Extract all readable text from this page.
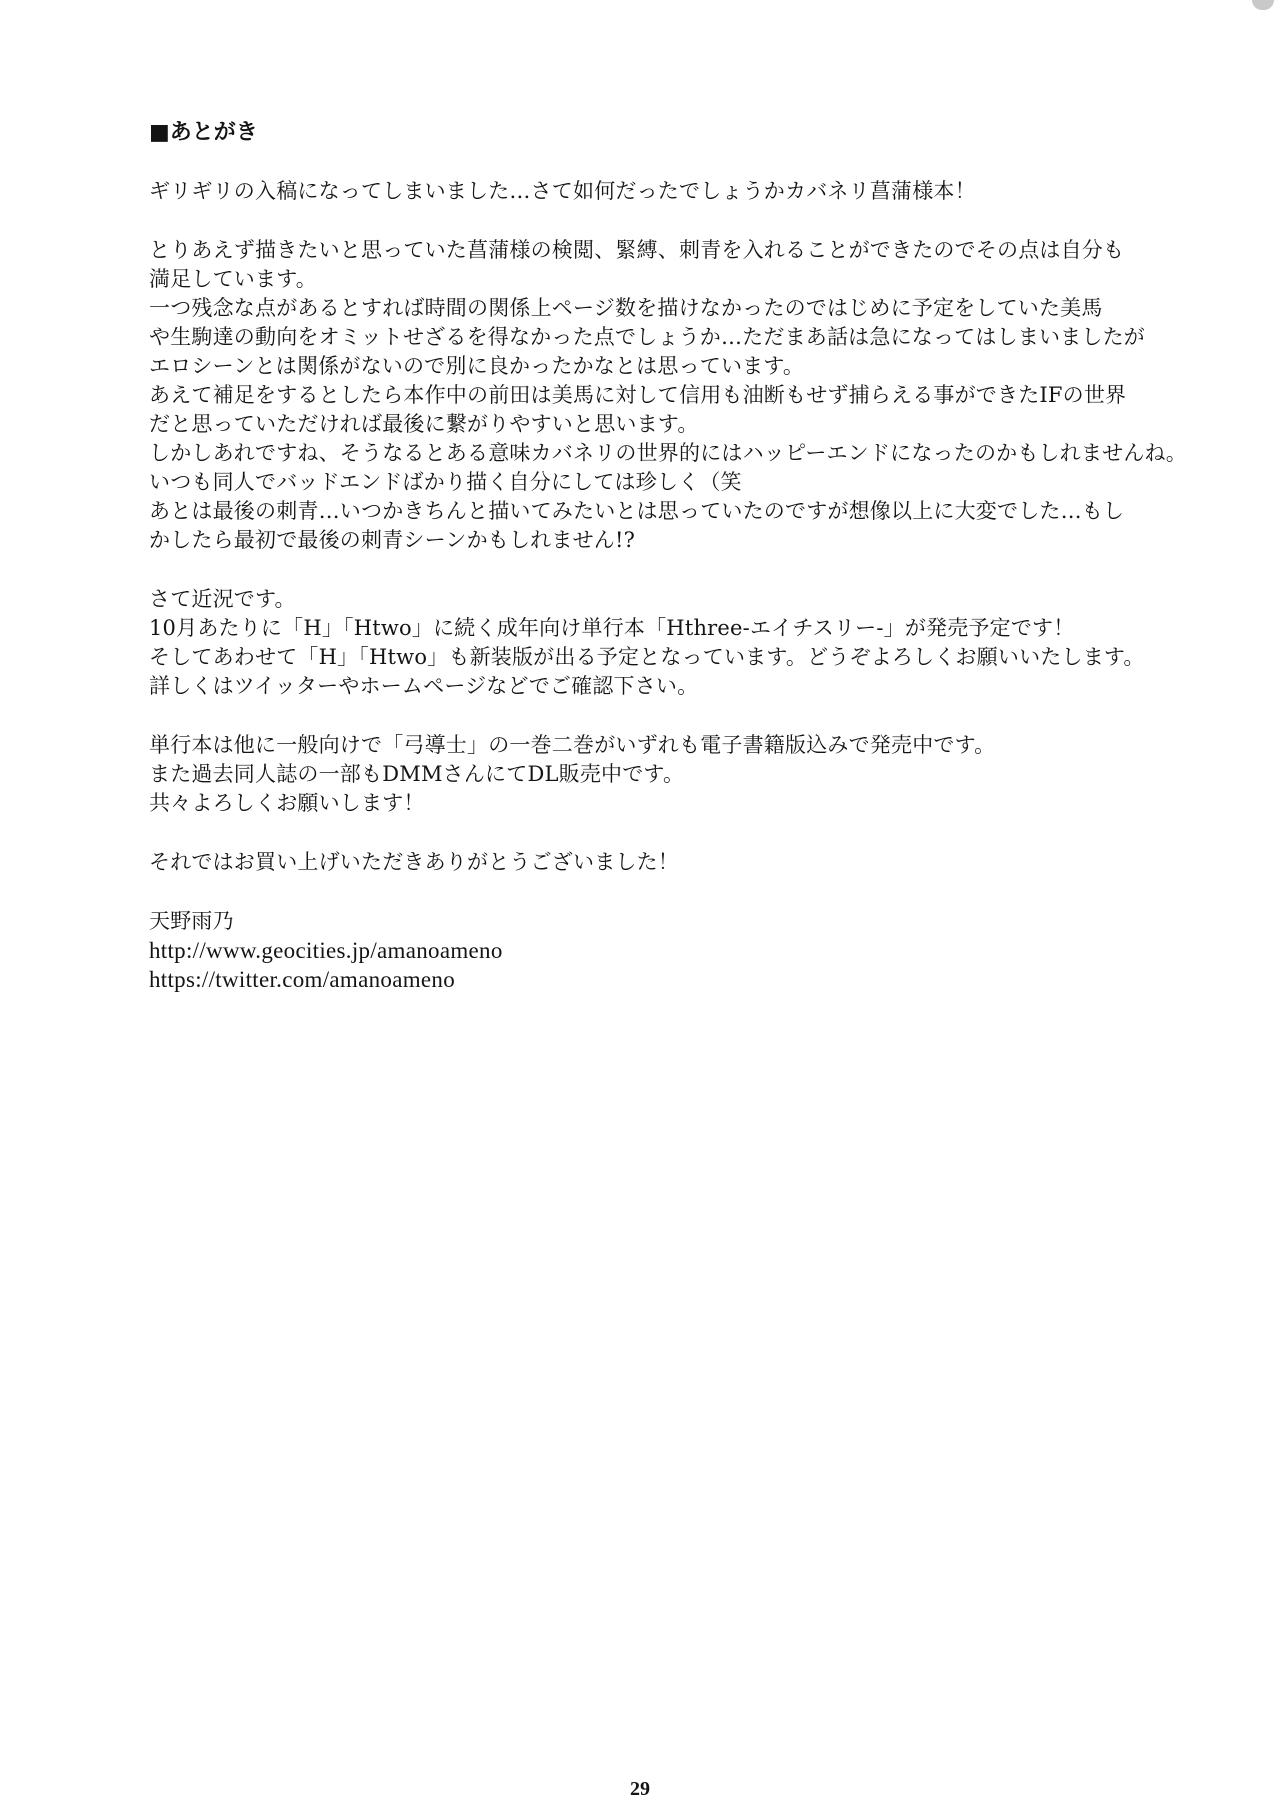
■あとがき
ギリギリの入稿になってしまいました…さて如何だったでしょうかカバネリ菖蒲様本！
とりあえず描きたいと思っていた菖蒲様の検閲、緊縛、刺青を入れることができたのでその点は自分も
満足しています。
一つ残念な点があるとすれば時間の関係上ページ数を描けなかったのではじめに予定をしていた美馬
や生駒達の動向をオミットせざるを得なかった点でしょうか…ただまあ話は急になってはしまいましたが
エロシーンとは関係がないので別に良かったかなとは思っています。
あえて補足をするとしたら本作中の前田は美馬に対して信用も油断もせず捕らえる事ができたIFの世界
だと思っていただければ最後に繋がりやすいと思います。
しかしあれですね、そうなるとある意味カバネリの世界的にはハッピーエンドになったのかもしれませんね。
いつも同人でバッドエンドばかり描く自分にしては珍しく（笑
あとは最後の刺青…いつかきちんと描いてみたいとは思っていたのですが想像以上に大変でした…もし
かしたら最初で最後の刺青シーンかもしれません!?
さて近況です。
10月あたりに「H」「Htwo」に続く成年向け単行本「Hthree-エイチスリー-」が発売予定です！
そしてあわせて「H」「Htwo」も新装版が出る予定となっています。どうぞよろしくお願いいたします。
詳しくはツイッターやホームページなどでご確認下さい。
単行本は他に一般向けで「弓導士」の一巻二巻がいずれも電子書籍版込みで発売中です。
また過去同人誌の一部もDMMさんにてDL販売中です。
共々よろしくお願いします！
それではお買い上げいただきありがとうございました！
天野雨乃
http://www.geocities.jp/amanoameno
https://twitter.com/amanoameno
29
